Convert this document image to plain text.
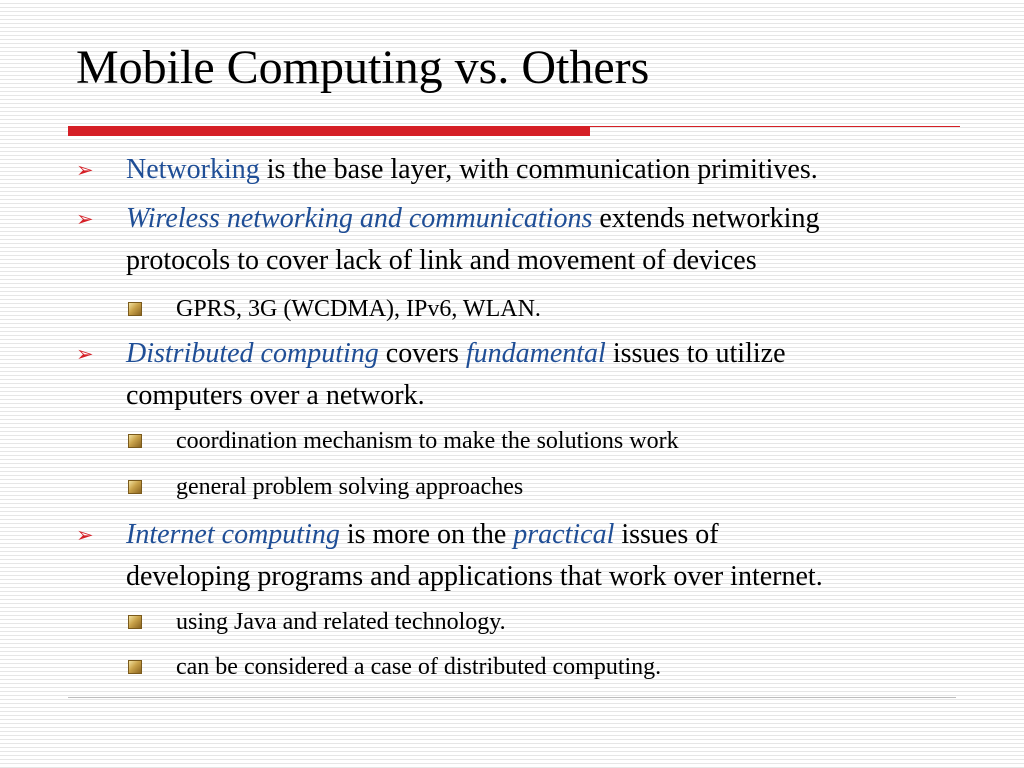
Mobile Computing vs. Others
➢ Networking is the base layer, with communication primitives.

➢ Wireless networking and communications extends networking
protocols to cover lack of link and movement of devices

GPRS, 3G (WCDMA), IPv6, WLAN.

➢ Distributed computing covers fundamental issues to utilize
computers over a network.

coordination mechanism to make the solutions work

general problem solving approaches

➢ Internet computing is more on the practical issues of
developing programs and applications that work over internet.

using Java and related technology.

can be considered a case of distributed computing.
